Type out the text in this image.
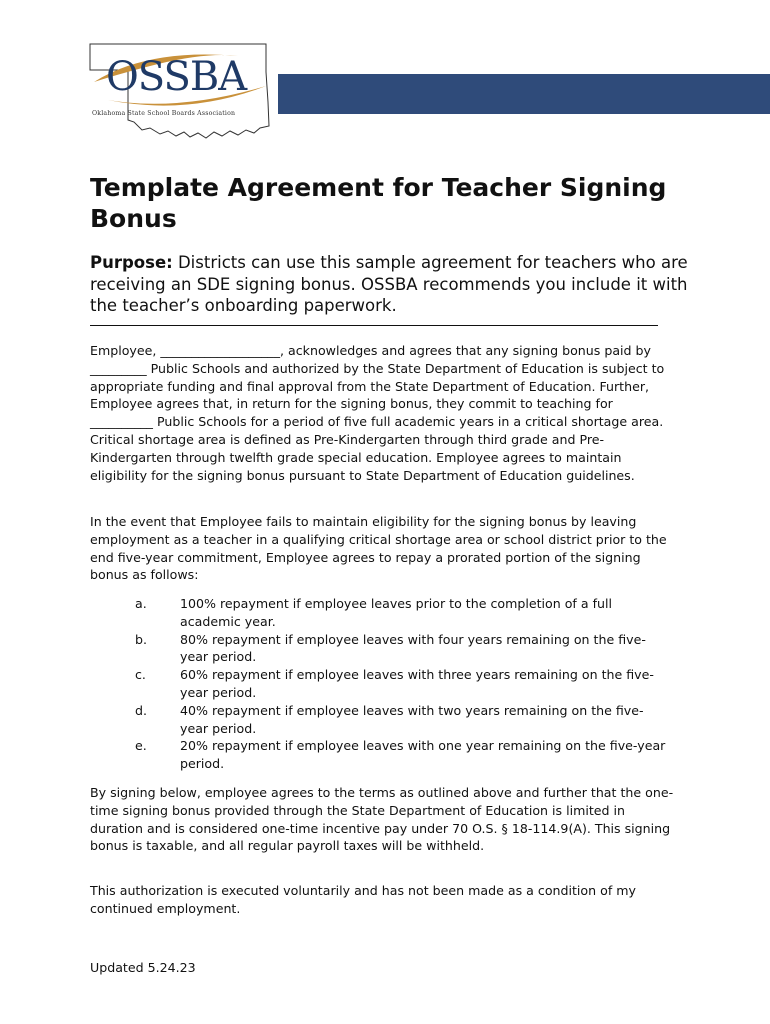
OSSBA
Oklahoma State School Boards Association
Template Agreement for Teacher Signing Bonus

Purpose: Districts can use this sample agreement for teachers who are receiving an SDE signing bonus. OSSBA recommends you include it with the teacher’s onboarding paperwork.

Employee, ___________________, acknowledges and agrees that any signing bonus paid by _________ Public Schools and authorized by the State Department of Education is subject to appropriate funding and final approval from the State Department of Education. Further, Employee agrees that, in return for the signing bonus, they commit to teaching for __________ Public Schools for a period of five full academic years in a critical shortage area. Critical shortage area is defined as Pre-Kindergarten through third grade and Pre-Kindergarten through twelfth grade special education. Employee agrees to maintain eligibility for the signing bonus pursuant to State Department of Education guidelines.

In the event that Employee fails to maintain eligibility for the signing bonus by leaving employment as a teacher in a qualifying critical shortage area or school district prior to the end five-year commitment, Employee agrees to repay a prorated portion of the signing bonus as follows:

a.	100% repayment if employee leaves prior to the completion of a full academic year.
b.	80% repayment if employee leaves with four years remaining on the five-year period.
c.	60% repayment if employee leaves with three years remaining on the five-year period.
d.	40% repayment if employee leaves with two years remaining on the five-year period.
e.	20% repayment if employee leaves with one year remaining on the five-year period.

By signing below, employee agrees to the terms as outlined above and further that the one-time signing bonus provided through the State Department of Education is limited in duration and is considered one-time incentive pay under 70 O.S. § 18-114.9(A). This signing bonus is taxable, and all regular payroll taxes will be withheld.

This authorization is executed voluntarily and has not been made as a condition of my continued employment.

Updated 5.24.23
